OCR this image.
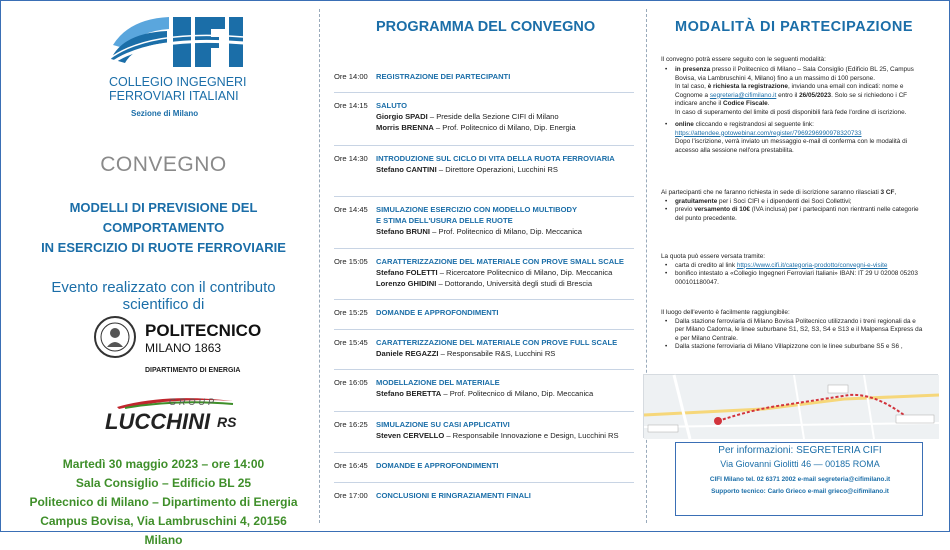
COLLEGIO INGEGNERI
FERROVIARI ITALIANI
Sezione di Milano
CONVEGNO
MODELLI DI PREVISIONE DEL COMPORTAMENTO
IN ESERCIZIO DI RUOTE FERROVIARIE
Evento realizzato con il contributo scientifico di
POLITECNICO
MILANO 1863
DIPARTIMENTO DI ENERGIA
GROUP
LUCCHINI RS
Martedì 30 maggio 2023 – ore 14:00
Sala Consiglio – Edificio BL 25
Politecnico di Milano – Dipartimento di Energia
Campus Bovisa, Via Lambruschini 4, 20156 Milano
PROGRAMMA DEL CONVEGNO
Ore 14:00 REGISTRAZIONE DEI PARTECIPANTI
Ore 14:15 SALUTO
Giorgio SPADI – Preside della Sezione CIFI di Milano
Morris BRENNA – Prof. Politecnico di Milano, Dip. Energia
Ore 14:30 INTRODUZIONE SUL CICLO DI VITA DELLA RUOTA FERROVIARIA
Stefano CANTINI – Direttore Operazioni, Lucchini RS
Ore 14:45 SIMULAZIONE ESERCIZIO CON MODELLO MULTIBODY
E STIMA DELL'USURA DELLE RUOTE
Stefano BRUNI – Prof. Politecnico di Milano, Dip. Meccanica
Ore 15:05 CARATTERIZZAZIONE DEL MATERIALE CON PROVE SMALL SCALE
Stefano FOLETTI – Ricercatore Politecnico di Milano, Dip. Meccanica
Lorenzo GHIDINI – Dottorando, Università degli studi di Brescia
Ore 15:25 DOMANDE E APPROFONDIMENTI
Ore 15:45 CARATTERIZZAZIONE DEL MATERIALE CON PROVE FULL SCALE
Daniele REGAZZI – Responsabile R&S, Lucchini RS
Ore 16:05 MODELLAZIONE DEL MATERIALE
Stefano BERETTA – Prof. Politecnico di Milano, Dip. Meccanica
Ore 16:25 SIMULAZIONE SU CASI APPLICATIVI
Steven CERVELLO – Responsabile Innovazione e Design, Lucchini RS
Ore 16:45 DOMANDE E APPROFONDIMENTI
Ore 17:00 CONCLUSIONI E RINGRAZIAMENTI FINALI
MODALITÀ DI PARTECIPAZIONE
Il convegno potrà essere seguito con le seguenti modalità:
• in presenza presso il Politecnico di Milano – Sala Consiglio (Edificio BL 25, Campus Bovisa, via Lambruschini 4, Milano) fino a un massimo di 100 persone.
In tal caso, è richiesta la registrazione, inviando una email con indicati: nome e Cognome a segreteria@cifimilano.it entro il 26/05/2023. Solo se si richiedono i CF indicare anche il Codice Fiscale.
In caso di superamento del limite di posti disponibili farà fede l'ordine di iscrizione.
• online cliccando e registrandosi al seguente link:
https://attendee.gotowebinar.com/register/7969296990978320733
Dopo l'iscrizione, verrà inviato un messaggio e-mail di conferma con le modalità di accesso alla sessione nell'ora prestabilita.
Ai partecipanti che ne faranno richiesta in sede di iscrizione saranno rilasciati 3 CF,
• gratuitamente per i Soci CIFI e i dipendenti dei Soci Collettivi;
• previo versamento di 10€ (IVA inclusa) per i partecipanti non rientranti nelle categorie del punto precedente.
La quota può essere versata tramite:
• carta di credito al link https://www.cifi.it/categoria-prodotto/convegni-e-visite
• bonifico intestato a «Collegio Ingegneri Ferroviari Italiani» IBAN: IT 29 U 02008 05203 000101180047.
Il luogo dell'evento è facilmente raggiungibile:
• Dalla stazione ferroviaria di Milano Bovisa Politecnico utilizzando i treni regionali da e per Milano Cadorna, le linee suburbane S1, S2, S3, S4 e S13 e il Malpensa Express da e per Milano Centrale.
• Dalla stazione ferroviaria di Milano Villapizzone con le linee suburbane S5 e S6 ,
Per informazioni: SEGRETERIA CIFI
Via Giovanni Giolitti 46 — 00185 ROMA
CIFI Milano tel. 02 6371 2002 e-mail segreteria@cifimilano.it
Supporto tecnico: Carlo Grieco e-mail grieco@cifimilano.it
